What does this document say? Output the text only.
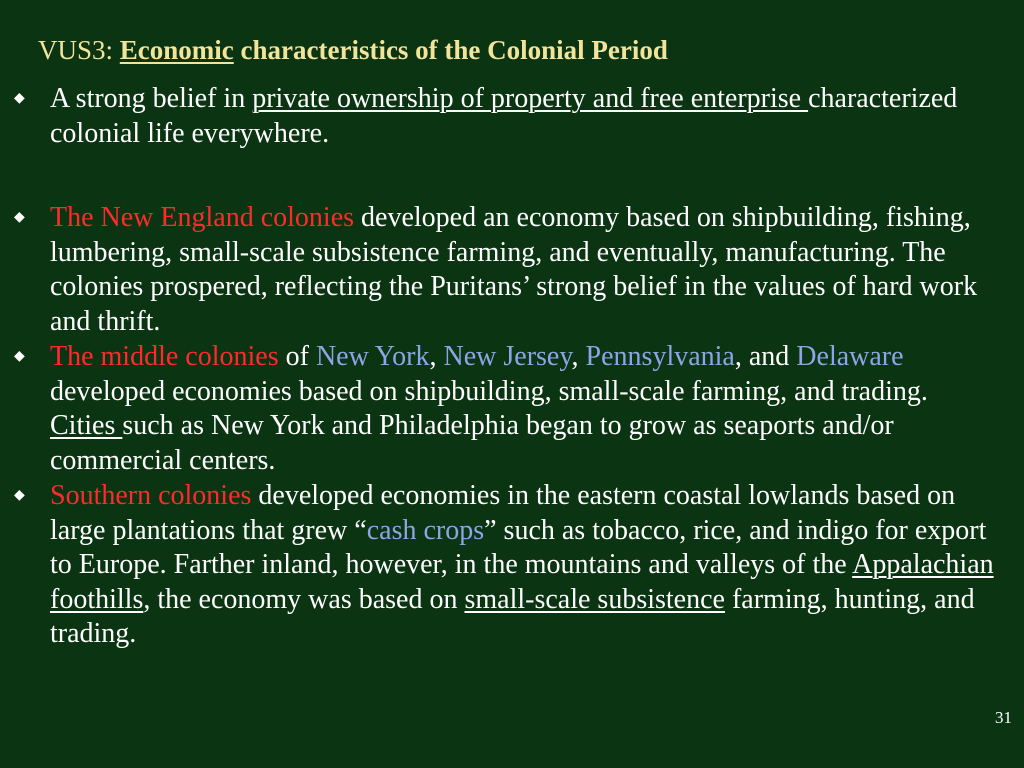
VUS3: Economic characteristics of the Colonial Period
◆
A strong belief in private ownership of property and free enterprise characterized colonial life everywhere.
◆
The New England colonies developed an economy based on shipbuilding, fishing, lumbering, small-scale subsistence farming, and eventually, manufacturing. The colonies prospered, reflecting the Puritans’ strong belief in the values of hard work and thrift.
◆
The middle colonies of New York, New Jersey, Pennsylvania, and Delaware developed economies based on shipbuilding, small-scale farming, and trading. Cities such as New York and Philadelphia began to grow as seaports and/or commercial centers.
◆
Southern colonies developed economies in the eastern coastal lowlands based on large plantations that grew “cash crops” such as tobacco, rice, and indigo for export to Europe. Farther inland, however, in the mountains and valleys of the Appalachian foothills, the economy was based on small-scale subsistence farming, hunting, and trading.
31
